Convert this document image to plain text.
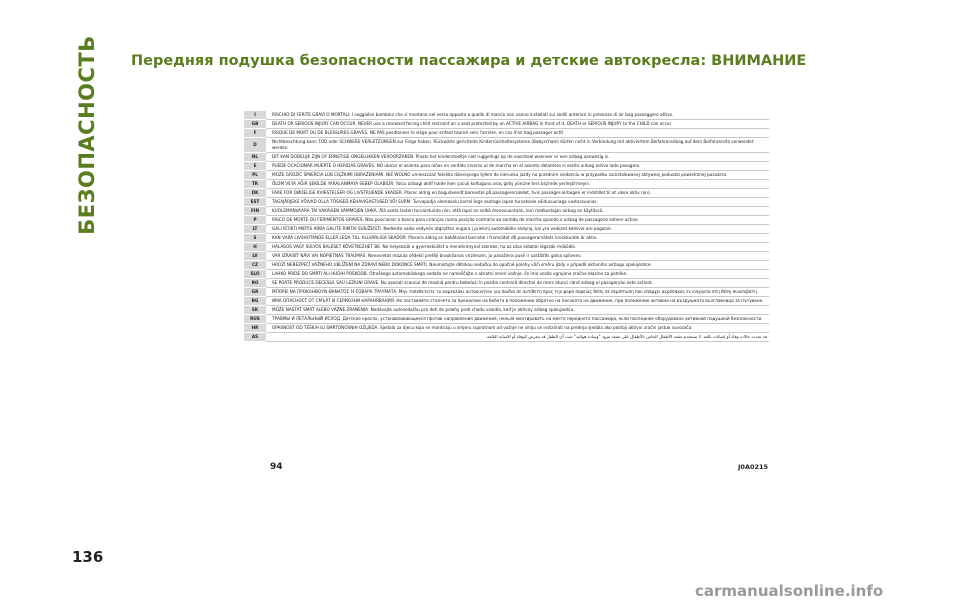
БЕЗОПАСНОСТЬ Передняя подушка безопасности пассажира и детские автокресла: ВНИМАНИЕ
I	RISCHIO DI FERITE GRAVI O MORTALI: I seggiolini bambino che si montano nel verso opposto a quello di marcia non vanno installati sui sedili anteriori in presenza di air bag passeggero attivo.
GB	DEATH OR SERIOUS INJURY CAN OCCUR. NEVER use a rearward facing child restraint on a seat protected by an ACTIVE AIRBAG in front of it, DEATH or SERIOUS INJURY to the CHILD can occur
F	RISQUE DE MORT OU DE BLESSURES GRAVES. NE PAS positionner le siège pour enfant tourné vers l'arrière, en cas d'air bag passager actif.
D	Nichtbeachtung kann TOD oder SCHWERE VERLETZUNGEN zur Folge haben. Rückwärts gerichtete Kinderrückhaltesysteme (Babyschale) dürfen nicht in Verbindung mit aktiviertem Beifahrerairbag auf dem Beifahrersitz verwendet werden
NL	DIT KAN DODELIJK ZIJN OF ERNSTIGE ONGELUKKEN VEROORZAKEN. Plaats het kinderstoeltje niet ruggelings op de voorstoel wanneer er een airbag aanwezig is.
E	PUEDE OCACIONAR MUERTE O HERIDAS GRAVES. NO ubicar el asiento para niños en sentido inverso al de marcha en el asiento delantero si existe airbag activo lado pasagero.
PL	MOŻE GROZIĆ ŚMIERCIA LUB CIĘŻKIMI OBRAŻENIAMI. NIE WOLNO umieszczać fotelika dziecięcego tyłem do kierunku jazdy na przednim siedzeniu w przypadku zainstalowanej aktywnej poduszki powietrznej pasażera.
TR	ÖLÜM VEYA AĞIR ŞEKİLDE YARALANMAYA SEBEP OLABİLİR. Yolcu airbagi aktif halde iken çocuk koltuğunu araç gidiş yönüne ters biçimde yerleştirmeyin.
DK	FARE FOR DØDELIGE KVÆSTELSER OG LIVSTRUENDE SKADER. Placer aldrig en bagudvendt barnestol på passagerersædet, hvis passager-airbagen er indstillet til at være aktiv (on).
EST	TAGAJÄRJEKS VÕIVAD OLLA TÕSISED KEHAVIGASTUSED VÕI SURM. Turvapadja olemasolu korral ärge asetage lapse turvatoole sõidusuunaga vastassuunas.
FIN	KUOLEMANVAARA TAI VAKAVIEN VAMMOJEN UHKA. Älä aseta lasten turvaistuinta niin, että lapsi on selkä menosuuntaan, kun matkustajan airbag on käytössä.
P	RISCO DE MORTE OU FERIMENTOS GRAVES. Não posicionar o banco para crianças numa posição contrária ao sentido de marcha quando o airbag de passageiro estiver activo.
LT	GALI IŠTIKTI MIRTIS ARBA GALITE RIMTAI SUSIŽEISTI. Nedėkite vaiko sėdynės atgręžtos nugara į priekinį automobilio sėdynę, kai yra veikiant keleivio oro pagalvė.
S	KAN VARA LIVSHOTANDE ELLER LEDA TILL ALLVARLIGA SKADOR. Placera aldrig en bakåtvänd barnstol i framsätet då passagerarsätets krockkudde är aktiv.
H	HALÁSOS VAGY SÚLYOS BALESET KÖVETKEZHET BE. Ne helyezzük a gyermekülést a menetiránynal szembe, ha az utas oldalán légzsák működik.
LV	VAR IZRAISĪT NĀVI VAI NOPIETNAS TRAUMAS. Nenovietot mazuļa sēdekli pretēji braukšanas virzienam, ja pasažiera pusē ir uzstādīts gaisa spilvens.
CZ	HROZÍ NEBEZPEČÍ VÁŽNÉHO UBLÍŽENÍ NA ZDRAVÍ NEBO DOKONCE SMRTI. Neumisťujte dětskou sedačku do opačné polohy vůči směru jízdy v případě aktivního airbagu spolujezdce.
SLO	LAHKO PRIDE DO SMRTI ALI HUDIH POŠKODB. Otroškega avtomobilskega sedeža ne nameščajte v obratni smeri vožnje, če ima vozilo vgrajene zračne blazine za potnike.
RO	SE POATE PRODUCE DECESUL SAU LEZIUNI GRAVE. Nu așezați scaunul de mașină pentru bebeluși în poziție contrară direcției de mers atunci când airbag-ul pasagerului este activat.
GR	ΜΠΟΡΕΙ ΝΑ ΠΡΟΚΛΗΘΟΥΝ ΘΑΝΑΤΟΣ Ή ΣΟΒΑΡΑ ΤΡΑΥΜΑΤΑ. Μην τοποθετείτε το καρεκλάκι αυτοκινήτου για παιδιά σε αντίθετη προς την φορά πορείας θέση σε περίπτωση που υπάρχει αερόσακος εν ενεργεία στη θέση συνεπιβάτη.
BG	ИМА ОПАСНОСТ ОТ СМЪРТ И СЕРИОЗНИ НАРАНЯВАНИЯ. Не поставяйте столчето за пренасяне на бебета в положение обратно на посоката на движение, при положение активно на въздушната възглавница за пътуване.
SK	MÔŽE NASTAŤ SMRŤ ALEBO VÁŽNE ZRANENIA. Nedávajte autosedačku pre deti do polohy proti chodu vozidla, keď je aktívny airbag spolujazdca.
RUS	ТРАВМЫ И ЛЕТАЛЬНЫЙ ИСХОД. Детское кресло, устанавливающееся против направления движения, нельзя монтировать на месте переднего пассажира, если последнее оборудовано активной подушкой безопасности.
HR	OPASNOST OD TEŠKIH ILI SMRTONOSNIH OZLJEDA. Sjedala za djecu koja se montiraju u smjeru suprotnom od vožnje ne smiju se instalirati na prednja sjedala ako postoji aktivni zračni jastuk suvozača.
AS	قد تحدث حالات وفاة أو إصابات بالغة. لا تستخدم مقعد الأطفال الخاص بالأطفال على مقعد مزود "وسادة هوائية" حيث أن الطفل قد يتعرض للوفاة أو الإصابة البالغة.
94	J0A0215
136
carmanualsonline.info
